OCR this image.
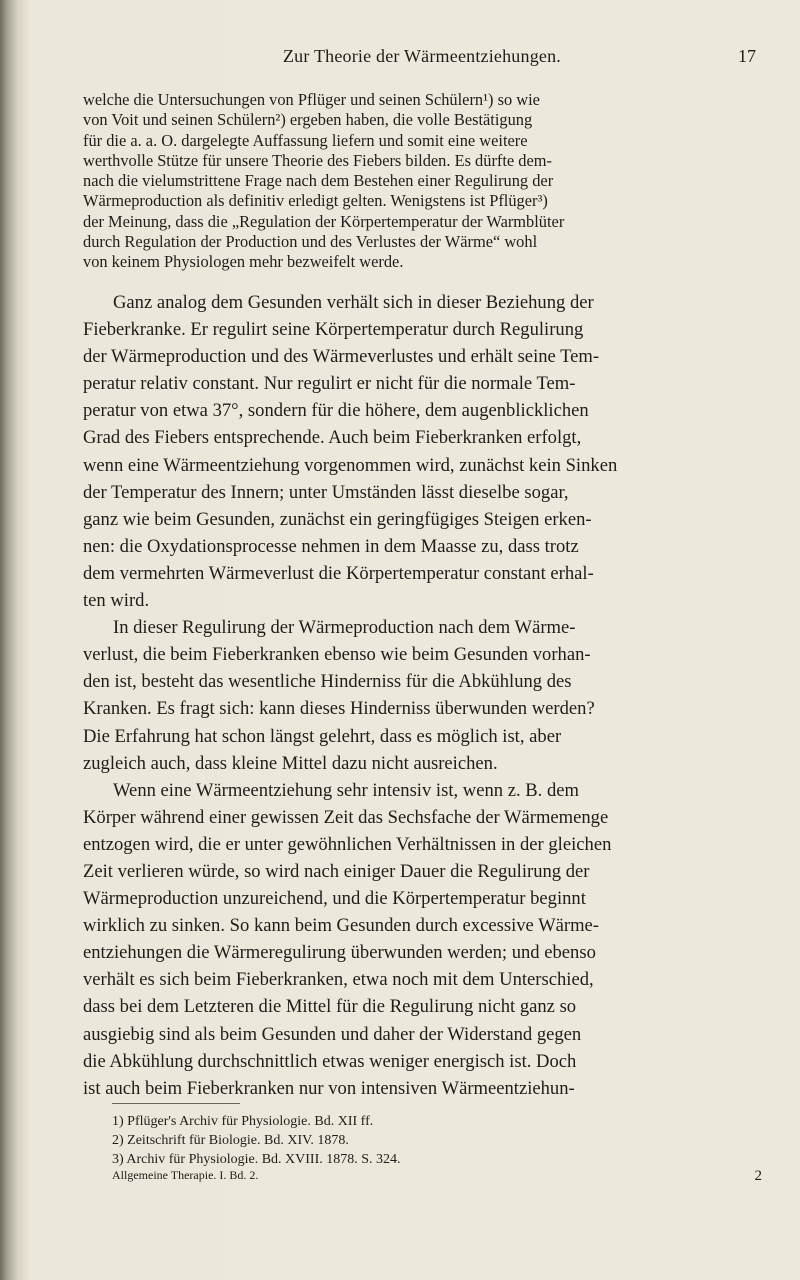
Zur Theorie der Wärmeentziehungen.	17
welche die Untersuchungen von Pflüger und seinen Schülern¹) so wie
von Voit und seinen Schülern²) ergeben haben, die volle Bestätigung
für die a. a. O. dargelegte Auffassung liefern und somit eine weitere
werthvolle Stütze für unsere Theorie des Fiebers bilden. Es dürfte dem-
nach die vielumstrittene Frage nach dem Bestehen einer Regulirung der
Wärmeproduction als definitiv erledigt gelten. Wenigstens ist Pflüger³)
der Meinung, dass die „Regulation der Körpertemperatur der Warmblüter
durch Regulation der Production und des Verlustes der Wärme“ wohl
von keinem Physiologen mehr bezweifelt werde.
Ganz analog dem Gesunden verhält sich in dieser Beziehung der
Fieberkranke. Er regulirt seine Körpertemperatur durch Regulirung
der Wärmeproduction und des Wärmeverlustes und erhält seine Tem-
peratur relativ constant. Nur regulirt er nicht für die normale Tem-
peratur von etwa 37°, sondern für die höhere, dem augenblicklichen
Grad des Fiebers entsprechende. Auch beim Fieberkranken erfolgt,
wenn eine Wärmeentziehung vorgenommen wird, zunächst kein Sinken
der Temperatur des Innern; unter Umständen lässt dieselbe sogar,
ganz wie beim Gesunden, zunächst ein geringfügiges Steigen erken-
nen: die Oxydationsprocesse nehmen in dem Maasse zu, dass trotz
dem vermehrten Wärmeverlust die Körpertemperatur constant erhal-
ten wird.
In dieser Regulirung der Wärmeproduction nach dem Wärme-
verlust, die beim Fieberkranken ebenso wie beim Gesunden vorhan-
den ist, besteht das wesentliche Hinderniss für die Abkühlung des
Kranken. Es fragt sich: kann dieses Hinderniss überwunden werden?
Die Erfahrung hat schon längst gelehrt, dass es möglich ist, aber
zugleich auch, dass kleine Mittel dazu nicht ausreichen.
Wenn eine Wärmeentziehung sehr intensiv ist, wenn z. B. dem
Körper während einer gewissen Zeit das Sechsfache der Wärmemenge
entzogen wird, die er unter gewöhnlichen Verhältnissen in der gleichen
Zeit verlieren würde, so wird nach einiger Dauer die Regulirung der
Wärmeproduction unzureichend, und die Körpertemperatur beginnt
wirklich zu sinken. So kann beim Gesunden durch excessive Wärme-
entziehungen die Wärmeregulirung überwunden werden; und ebenso
verhält es sich beim Fieberkranken, etwa noch mit dem Unterschied,
dass bei dem Letzteren die Mittel für die Regulirung nicht ganz so
ausgiebig sind als beim Gesunden und daher der Widerstand gegen
die Abkühlung durchschnittlich etwas weniger energisch ist. Doch
ist auch beim Fieberkranken nur von intensiven Wärmeentziehun-
1) Pflüger's Archiv für Physiologie. Bd. XII ff.
2) Zeitschrift für Biologie. Bd. XIV. 1878.
3) Archiv für Physiologie. Bd. XVIII. 1878. S. 324.
Allgemeine Therapie. I. Bd. 2.	2
